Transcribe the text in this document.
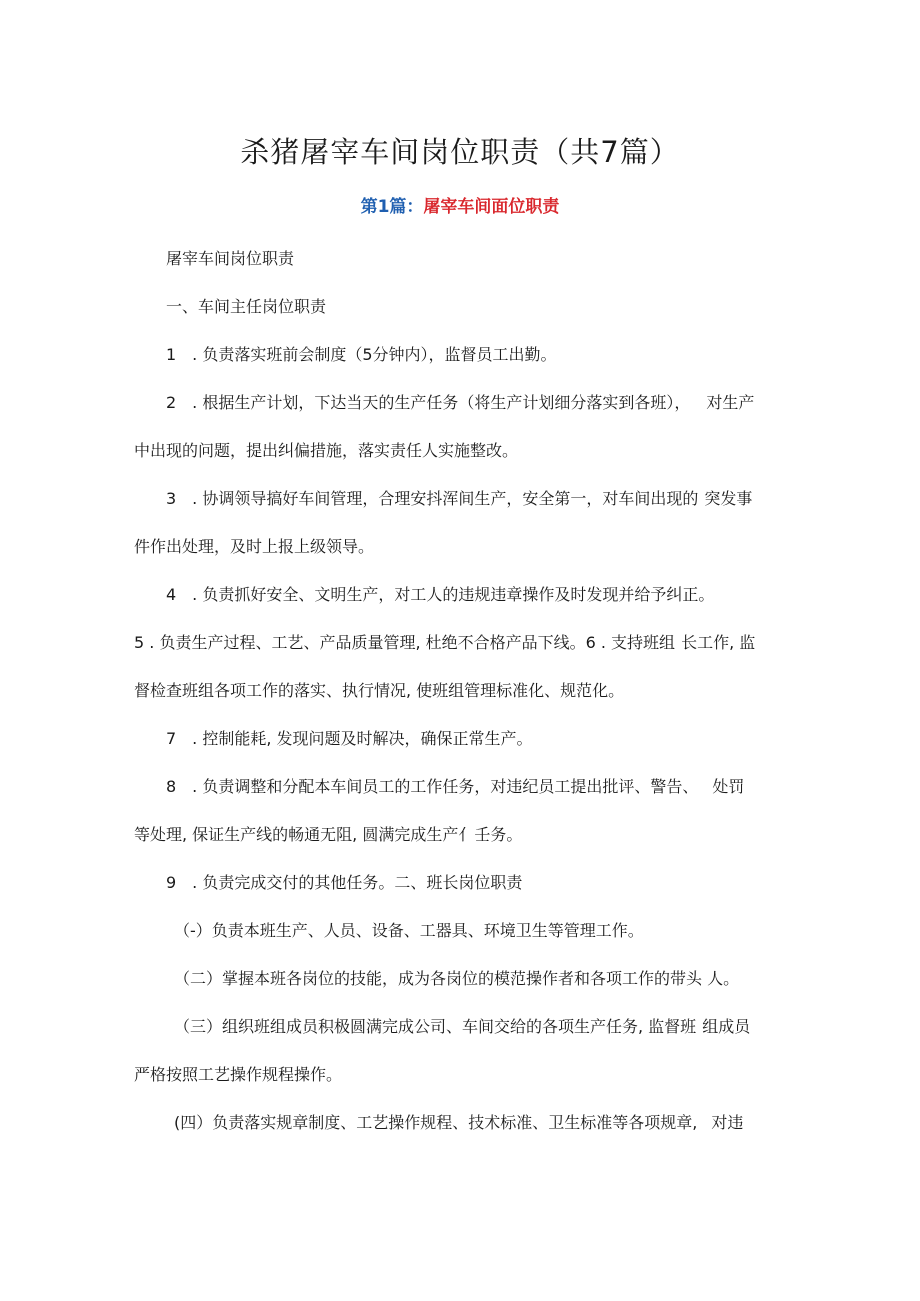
杀猪屠宰车间岗位职责（共7篇）
第1篇：屠宰车间面位职责

屠宰车间岗位职责

一、车间主任岗位职责

1　. 负责落实班前会制度（5分钟内），监督员工出勤。

2　. 根据生产计划，下达当天的生产任务（将生产计划细分落实到各班）， 对生产

中出现的问题，提出纠偏措施，落实责任人实施整改。

3　. 协调领导搞好车间管理，合理安抖浑间生产，安全第一，对车间出现的 突发事

件作出处理，及时上报上级领导。

4　. 负责抓好安全、文明生产，对工人的违规违章操作及时发现并给予纠正。

5 . 负责生产过程、工艺、产品质量管理, 杜绝不合格产品下线。6 . 支持班组 长工作, 监

督检查班组各项工作的落实、执行情况, 使班组管理标准化、规范化。

7　. 控制能耗, 发现问题及时解决，确保正常生产。

8　. 负责调整和分配本车间员工的工作任务，对违纪员工提出批评、警告、 处罚

等处理, 保证生产线的畅通无阻, 圆满完成生产亻壬务。

9　. 负责完成交付的其他任务。二、班长岗位职责

（-）负责本班生产、人员、设备、工器具、环境卫生等管理工作。

（二）掌握本班各岗位的技能，成为各岗位的模范操作者和各项工作的带头 人。

（三）组织班组成员积极圆满完成公司、车间交给的各项生产任务, 监督班 组成员

严格按照工艺操作规程操作。

(四）负责落实规章制度、工艺操作规程、技术标准、卫生标准等各项规章, 对违
